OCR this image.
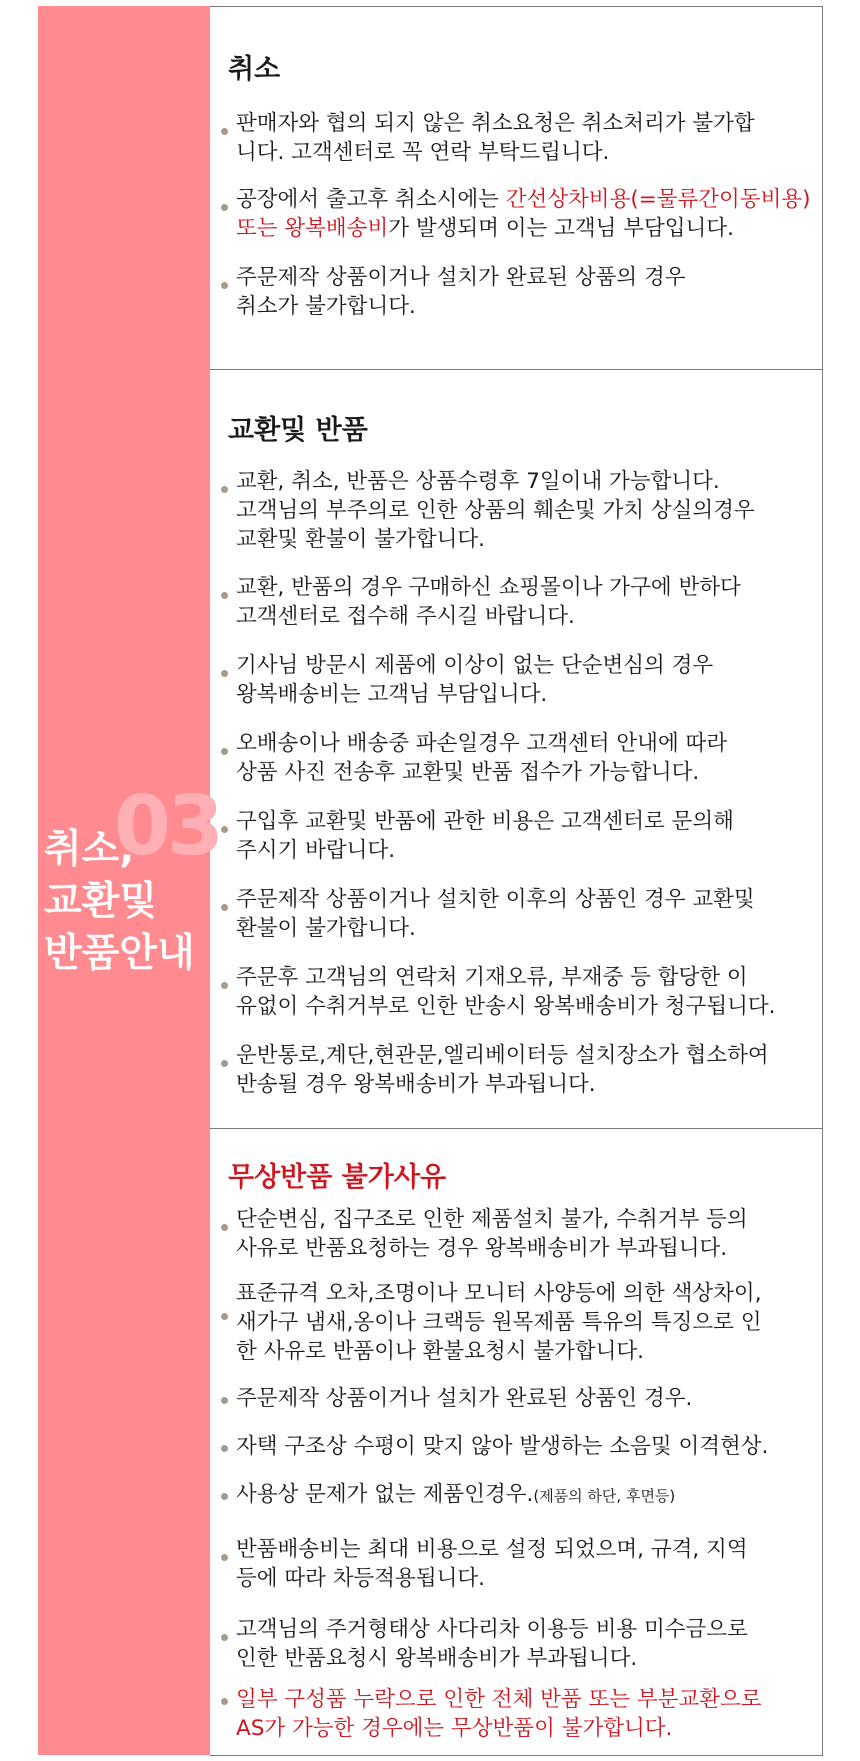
03
취소,
교환및
반품안내
취소
판매자와 협의 되지 않은 취소요청은 취소처리가 불가합
니다. 고객센터로 꼭 연락 부탁드립니다.
공장에서 출고후 취소시에는 간선상차비용(=물류간이동비용)
또는 왕복배송비가 발생되며 이는 고객님 부담입니다.
주문제작 상품이거나 설치가 완료된 상품의 경우
취소가 불가합니다.
교환및 반품
교환, 취소, 반품은 상품수령후 7일이내 가능합니다.
고객님의 부주의로 인한 상품의 훼손및 가치 상실의경우
교환및 환불이 불가합니다.
교환, 반품의 경우 구매하신 쇼핑몰이나 가구에 반하다
고객센터로 접수해 주시길 바랍니다.
기사님 방문시 제품에 이상이 없는 단순변심의 경우
왕복배송비는 고객님 부담입니다.
오배송이나 배송중 파손일경우 고객센터 안내에 따라
상품 사진 전송후 교환및 반품 접수가 가능합니다.
구입후 교환및 반품에 관한 비용은 고객센터로 문의해
주시기 바랍니다.
주문제작 상품이거나 설치한 이후의 상품인 경우 교환및
환불이 불가합니다.
주문후 고객님의 연락처 기재오류, 부재중 등 합당한 이
유없이 수취거부로 인한 반송시 왕복배송비가 청구됩니다.
운반통로,계단,현관문,엘리베이터등 설치장소가 협소하여
반송될 경우 왕복배송비가 부과됩니다.
무상반품 불가사유
단순변심, 집구조로 인한 제품설치 불가, 수취거부 등의
사유로 반품요청하는 경우 왕복배송비가 부과됩니다.
표준규격 오차,조명이나 모니터 사양등에 의한 색상차이,
새가구 냄새,옹이나 크랙등 원목제품 특유의 특징으로 인
한 사유로 반품이나 환불요청시 불가합니다.
주문제작 상품이거나 설치가 완료된 상품인 경우.
자택 구조상 수평이 맞지 않아 발생하는 소음및 이격현상.
사용상 문제가 없는 제품인경우.(제품의 하단, 후면등)
반품배송비는 최대 비용으로 설정 되었으며, 규격, 지역
등에 따라 차등적용됩니다.
고객님의 주거형태상 사다리차 이용등 비용 미수금으로
인한 반품요청시 왕복배송비가 부과됩니다.
일부 구성품 누락으로 인한 전체 반품 또는 부분교환으로
AS가 가능한 경우에는 무상반품이 불가합니다.
